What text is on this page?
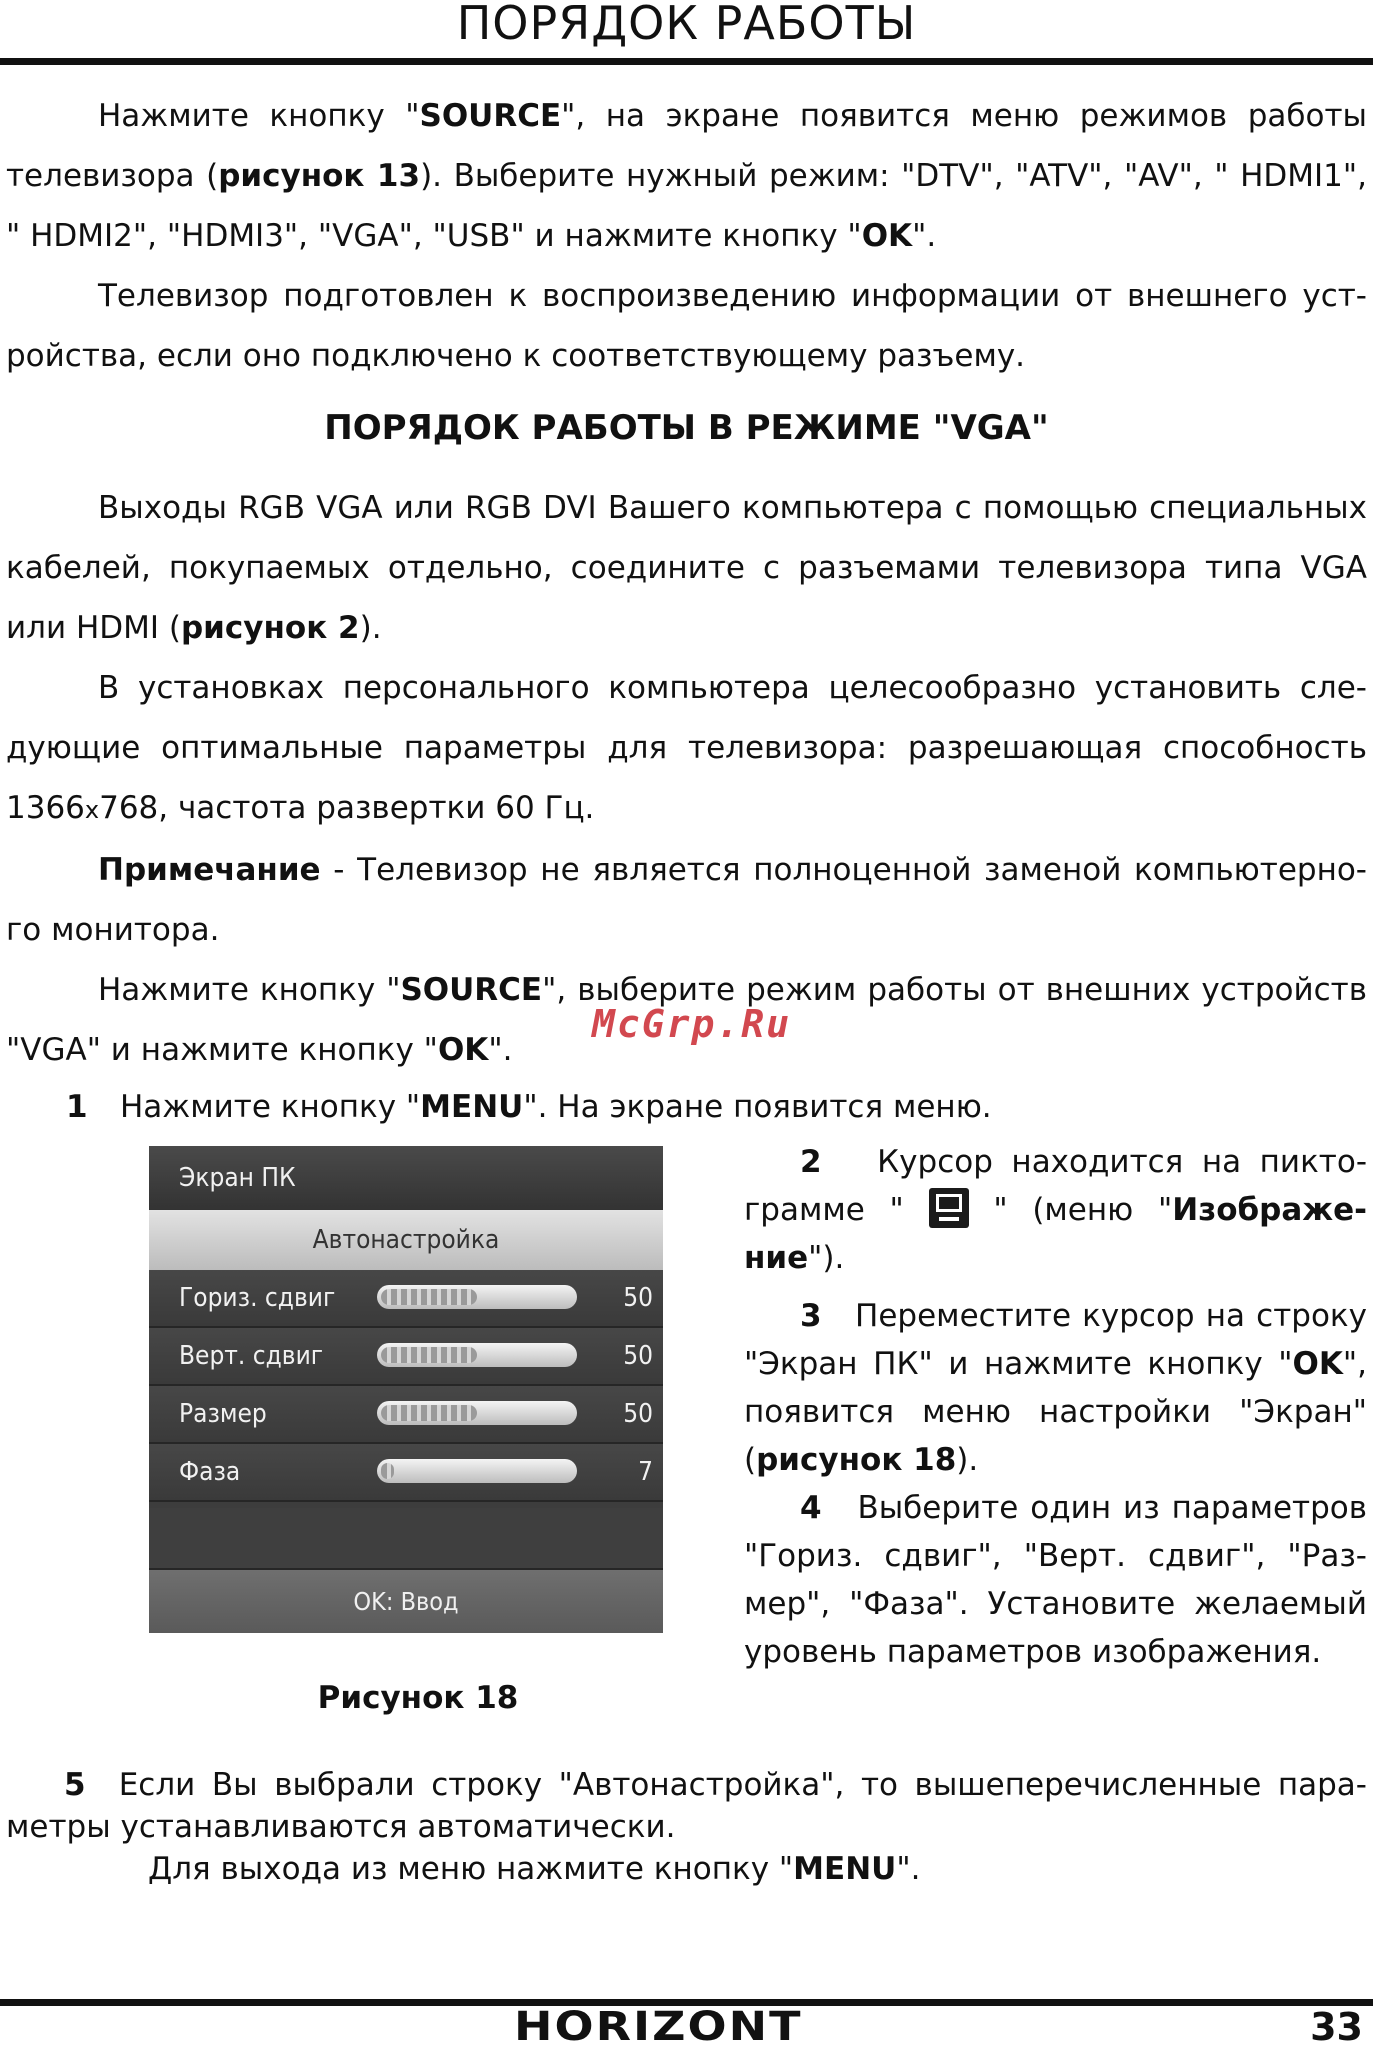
ПОРЯДОК РАБОТЫ

Нажмите кнопку "SOURCE", на экране появится меню режимов работы телевизора (рисунок 13). Выберите нужный режим: "DTV", "ATV", "AV", " HDMI1", " HDMI2", "HDMI3", "VGA", "USB" и нажмите кнопку "OK".

Телевизор подготовлен к воспроизведению информации от внешнего уст- ройства, если оно подключено к соответствующему разъему.

ПОРЯДОК РАБОТЫ В РЕЖИМЕ "VGA"

Выходы RGB VGA или RGB DVI Вашего компьютера с помощью специальных кабелей, покупаемых отдельно, соедините с разъемами телевизора типа VGA или HDMI (рисунок 2).

В установках персонального компьютера целесообразно установить сле- дующие оптимальные параметры для телевизора: разрешающая способность 1366x768, частота развертки 60 Гц.

Примечание - Телевизор не является полноценной заменой компьютерно- го монитора.

Нажмите кнопку "SOURCE", выберите режим работы от внешних устройств "VGA" и нажмите кнопку "OK".

McGrp.Ru
1 Нажмите кнопку "MENU". На экране появится меню.
Экран ПК
Автонастройка
Гориз. сдвиг	50
Верт. сдвиг	50
Размер	50
Фаза	7
OK: Ввод
Рисунок 18

2 Курсор находится на пикто- грамме "	" (меню "Изображе- ние").

3 Переместите курсор на строку "Экран ПК" и нажмите кнопку "OK", появится меню настройки "Экран" (рисунок 18).

4 Выберите один из параметров "Гориз. сдвиг", "Верт. сдвиг", "Раз- мер", "Фаза". Установите желаемый уровень параметров изображения.

5 Если Вы выбрали строку "Автонастройка", то вышеперечисленные пара- метры устанавливаются автоматически.

Для выхода из меню нажмите кнопку "MENU".

HORIZONT	33
